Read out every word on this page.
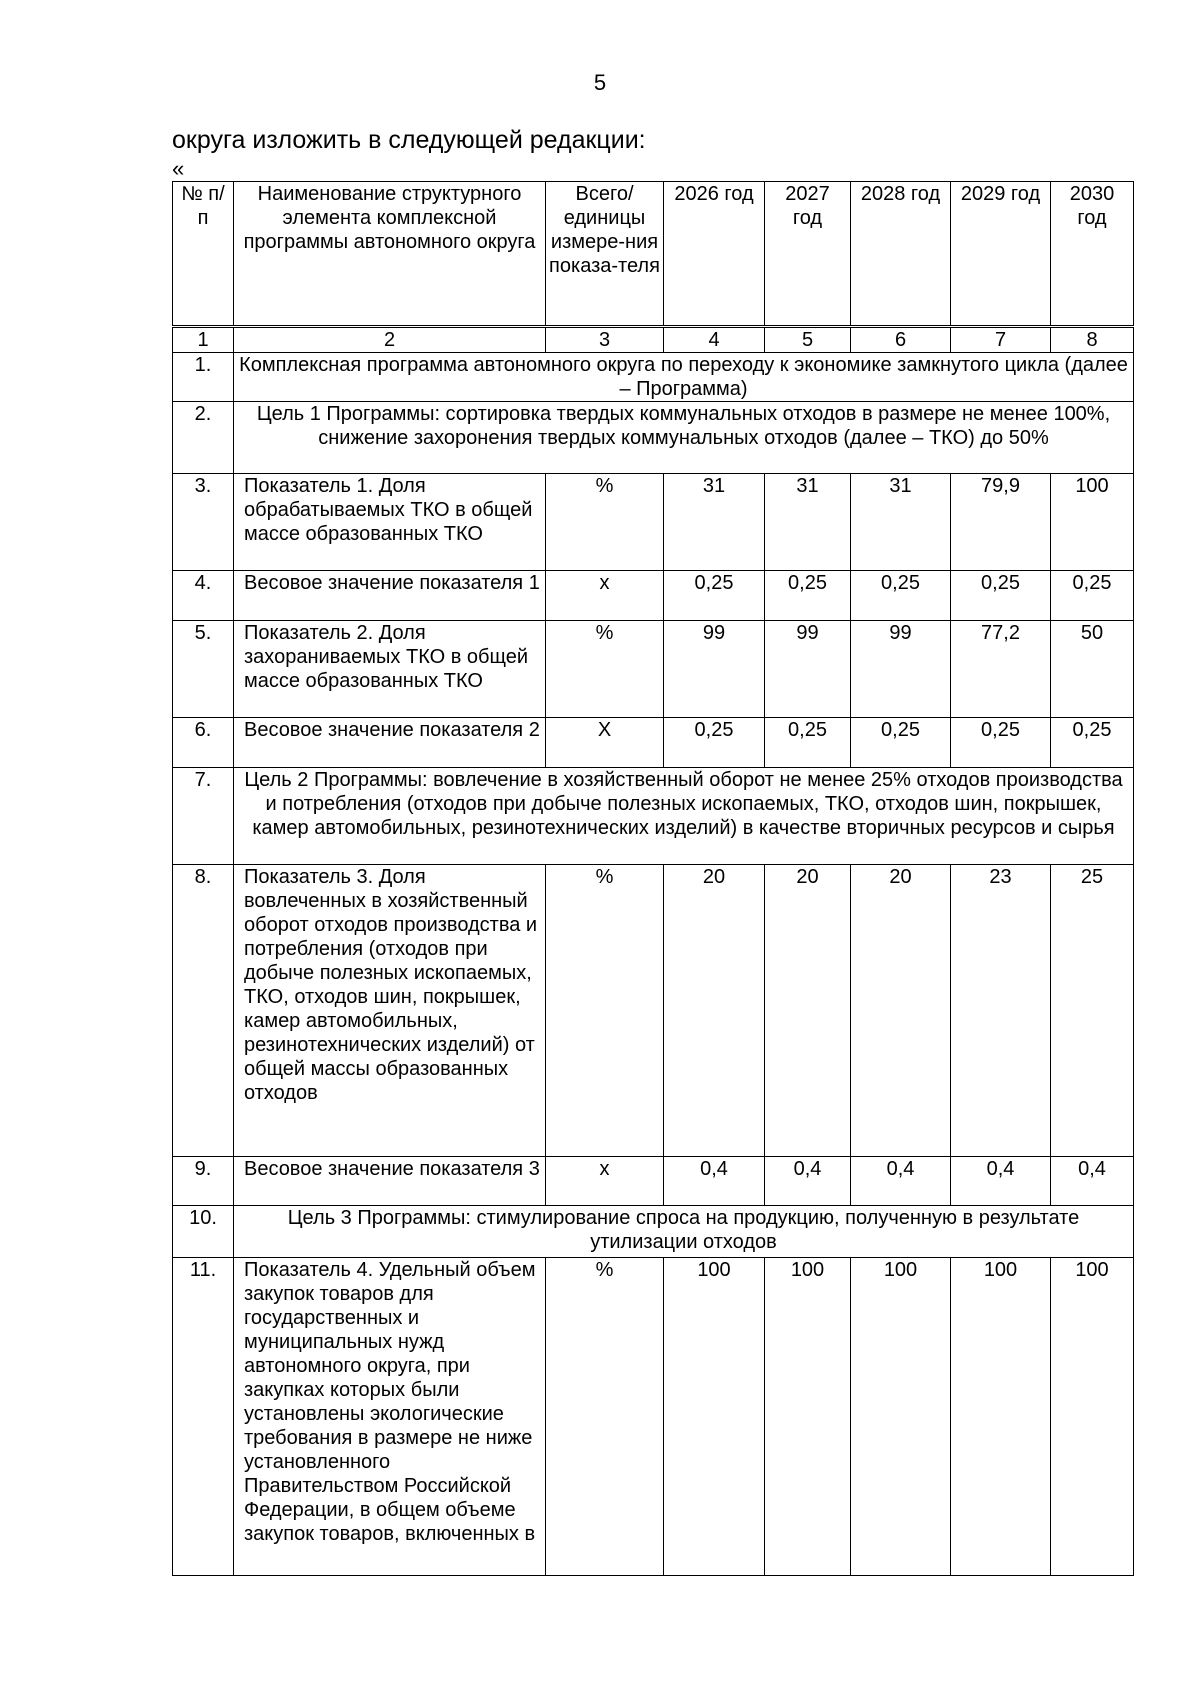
5
округа изложить в следующей редакции:
«
№ п/п	Наименование структурного элемента комплексной программы автономного округа	Всего/ единицы измере-ния показа-теля	2026 год	2027 год	2028 год	2029 год	2030 год
1	2	3	4	5	6	7	8
1.	Комплексная программа автономного округа по переходу к экономике замкнутого цикла (далее – Программа)						
2.	Цель 1 Программы: сортировка твердых коммунальных отходов в размере не менее 100%, снижение захоронения твердых коммунальных отходов (далее – ТКО) до 50%						
3.	Показатель 1. Доля обрабатываемых ТКО в общей массе образованных ТКО	%	31	31	31	79,9	100
4.	Весовое значение показателя 1	х	0,25	0,25	0,25	0,25	0,25
5.	Показатель 2. Доля захораниваемых ТКО в общей массе образованных ТКО	%	99	99	99	77,2	50
6.	Весовое значение показателя 2	Х	0,25	0,25	0,25	0,25	0,25
7.	Цель 2 Программы: вовлечение в хозяйственный оборот не менее 25% отходов производства и потребления (отходов при добыче полезных ископаемых, ТКО, отходов шин, покрышек, камер автомобильных, резинотехнических изделий) в качестве вторичных ресурсов и сырья						
8.	Показатель 3. Доля вовлеченных в хозяйственный оборот отходов производства и потребления (отходов при добыче полезных ископаемых, ТКО, отходов шин, покрышек, камер автомобильных, резинотехнических изделий) от общей массы образованных отходов	%	20	20	20	23	25
9.	Весовое значение показателя 3	х	0,4	0,4	0,4	0,4	0,4
10.	Цель 3 Программы: стимулирование спроса на продукцию, полученную в результате утилизации отходов						
11.	Показатель 4. Удельный объем закупок товаров для государственных и муниципальных нужд автономного округа, при закупках которых были установлены экологические требования в размере не ниже установленного Правительством Российской Федерации, в общем объеме закупок товаров, включенных в	%	100	100	100	100	100
